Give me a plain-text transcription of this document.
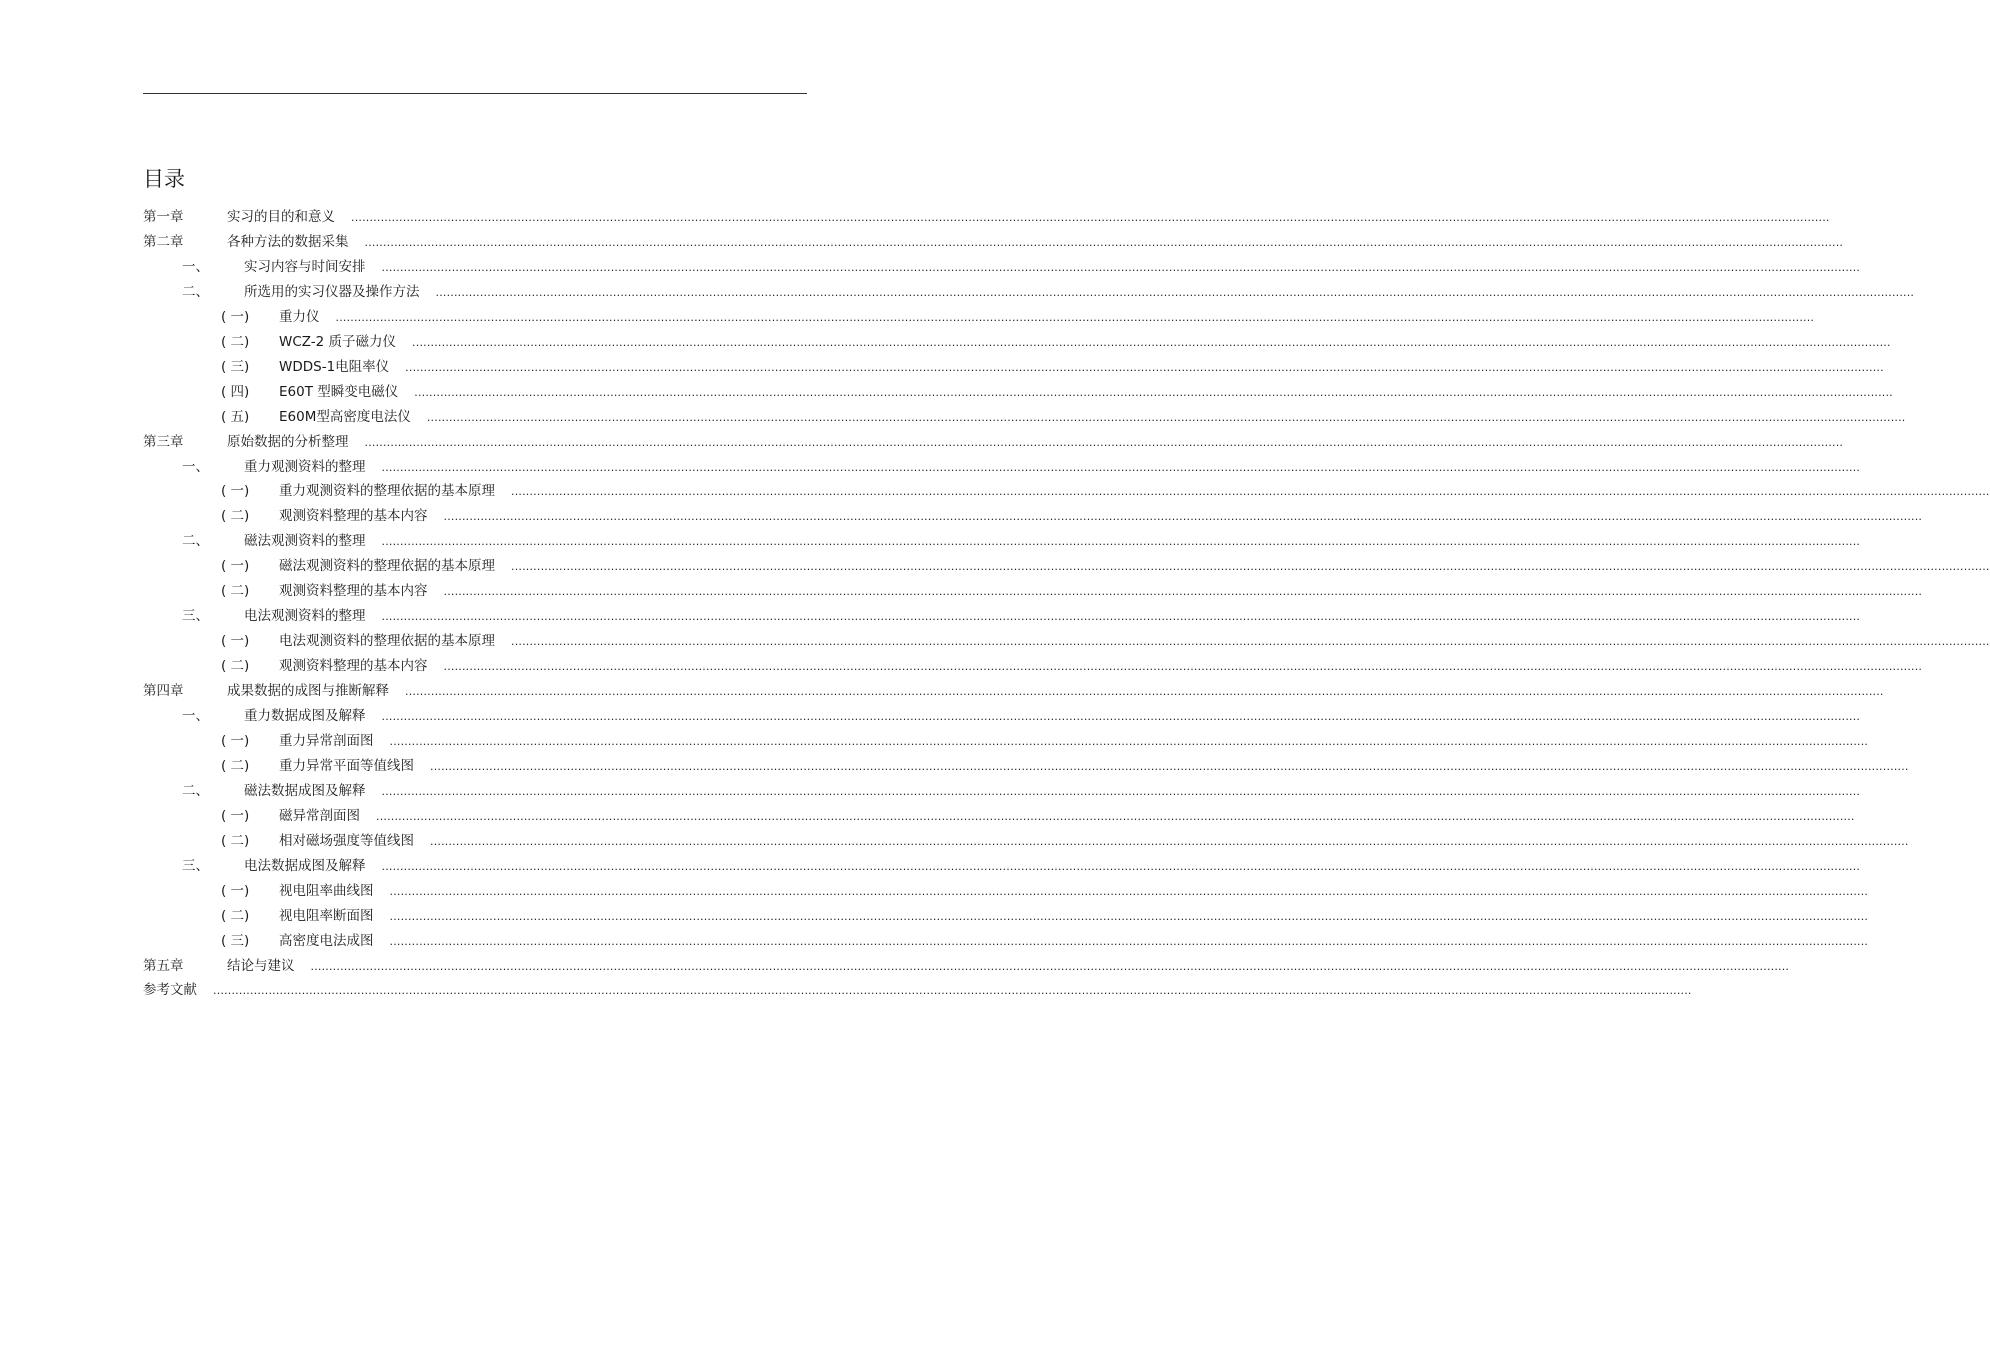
目录
第一章	实习的目的和意义 ................................................................................................................................................................................................................................................................................................................................................................................................................
第二章	各种方法的数据采集 ................................................................................................................................................................................................................................................................................................................................................................................................................
一、	实习内容与时间安排 ................................................................................................................................................................................................................................................................................................................................................................................................................
二、	所选用的实习仪器及操作方法 ................................................................................................................................................................................................................................................................................................................................................................................................................
( 一) 重力仪 ................................................................................................................................................................................................................................................................................................................................................................................................................
( 二) WCZ-2 质子磁力仪 ................................................................................................................................................................................................................................................................................................................................................................................................................
( 三) WDDS-1电阻率仪 ................................................................................................................................................................................................................................................................................................................................................................................................................
( 四) E60T 型瞬变电磁仪 ................................................................................................................................................................................................................................................................................................................................................................................................................
( 五) E60M型高密度电法仪 ................................................................................................................................................................................................................................................................................................................................................................................................................
第三章	原始数据的分析整理 ................................................................................................................................................................................................................................................................................................................................................................................................................
一、	重力观测资料的整理 ................................................................................................................................................................................................................................................................................................................................................................................................................
( 一) 重力观测资料的整理依据的基本原理 ................................................................................................................................................................................................................................................................................................................................................................................................................
( 二) 观测资料整理的基本内容 ................................................................................................................................................................................................................................................................................................................................................................................................................
二、	磁法观测资料的整理 ................................................................................................................................................................................................................................................................................................................................................................................................................
( 一) 磁法观测资料的整理依据的基本原理 ................................................................................................................................................................................................................................................................................................................................................................................................................
( 二) 观测资料整理的基本内容 ................................................................................................................................................................................................................................................................................................................................................................................................................
三、	电法观测资料的整理 ................................................................................................................................................................................................................................................................................................................................................................................................................
( 一) 电法观测资料的整理依据的基本原理 ................................................................................................................................................................................................................................................................................................................................................................................................................
( 二) 观测资料整理的基本内容 ................................................................................................................................................................................................................................................................................................................................................................................................................
第四章	成果数据的成图与推断解释 ................................................................................................................................................................................................................................................................................................................................................................................................................
一、	重力数据成图及解释 ................................................................................................................................................................................................................................................................................................................................................................................................................
( 一) 重力异常剖面图 ................................................................................................................................................................................................................................................................................................................................................................................................................
( 二) 重力异常平面等值线图 ................................................................................................................................................................................................................................................................................................................................................................................................................
二、	磁法数据成图及解释 ................................................................................................................................................................................................................................................................................................................................................................................................................
( 一) 磁异常剖面图 ................................................................................................................................................................................................................................................................................................................................................................................................................
( 二) 相对磁场强度等值线图 ................................................................................................................................................................................................................................................................................................................................................................................................................
三、	电法数据成图及解释 ................................................................................................................................................................................................................................................................................................................................................................................................................
( 一) 视电阻率曲线图 ................................................................................................................................................................................................................................................................................................................................................................................................................
( 二) 视电阻率断面图 ................................................................................................................................................................................................................................................................................................................................................................................................................
( 三) 高密度电法成图 ................................................................................................................................................................................................................................................................................................................................................................................................................
第五章	结论与建议 ................................................................................................................................................................................................................................................................................................................................................................................................................
参考文献 ................................................................................................................................................................................................................................................................................................................................................................................................................
